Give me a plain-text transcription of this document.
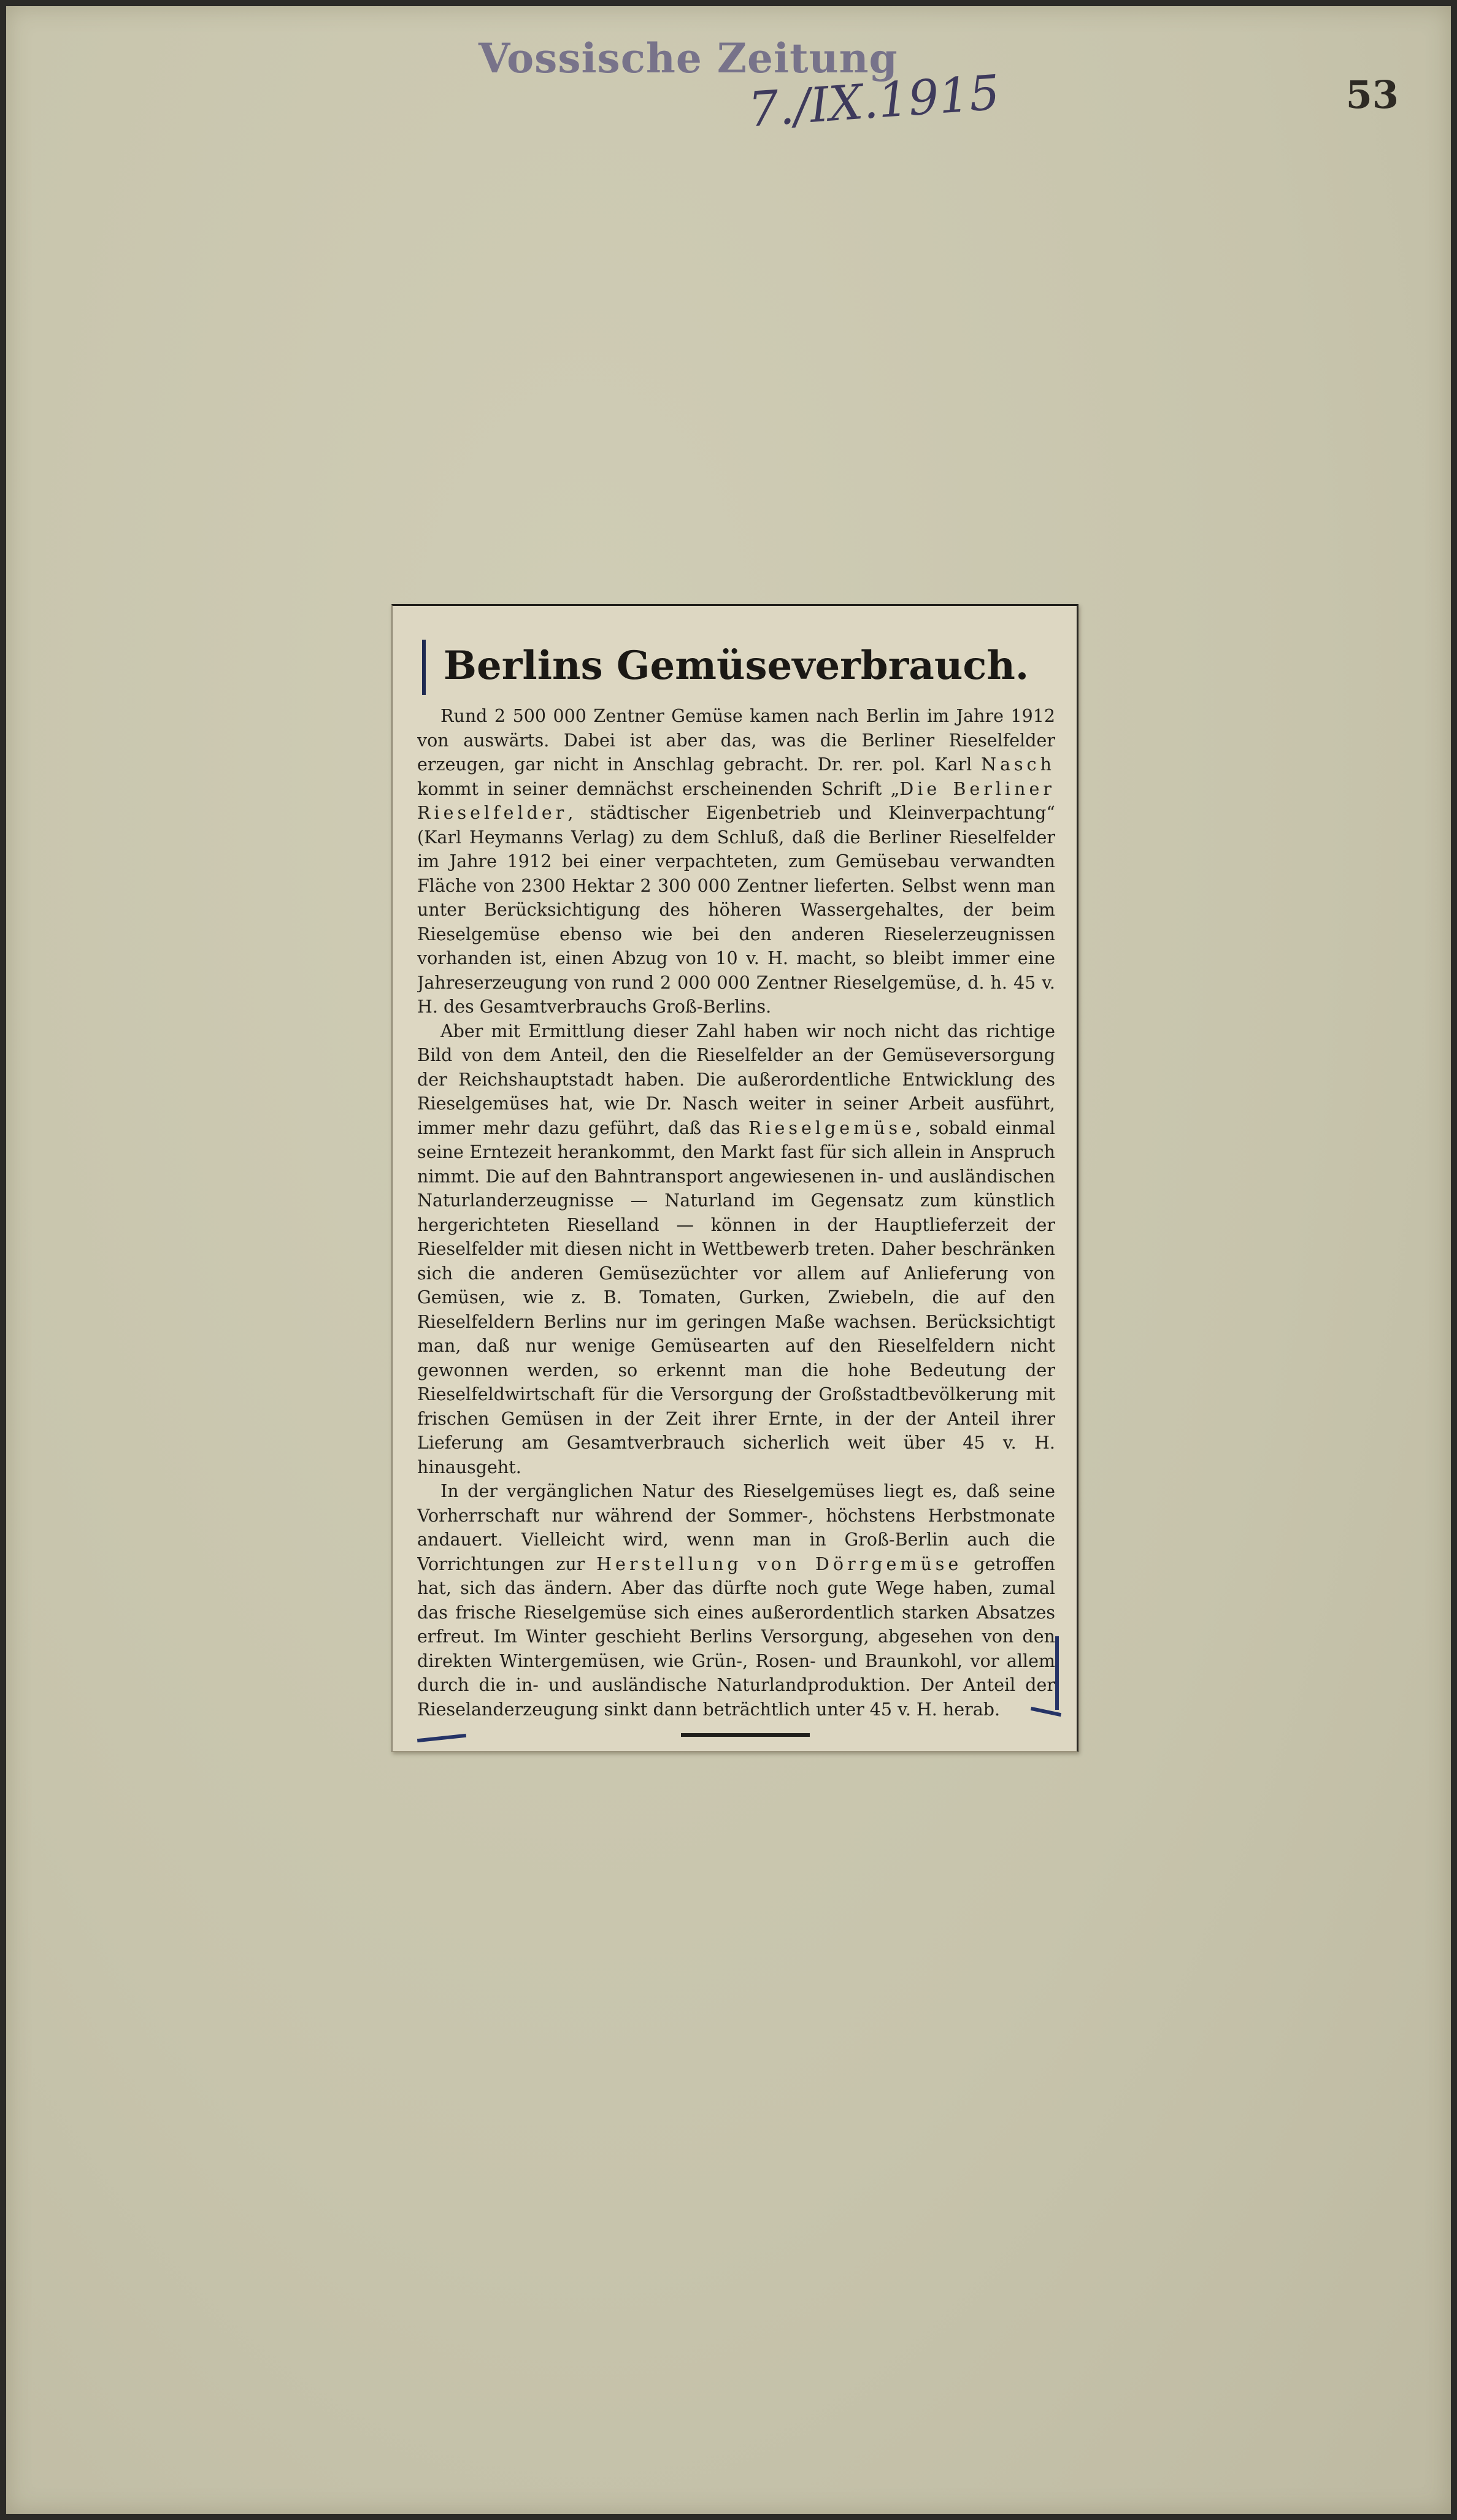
Vossische Zeitung
7./IX.1915	53
Berlins Gemüseverbrauch.

Rund 2 500 000 Zentner Gemüse kamen nach Berlin im Jahre 1912 von auswärts. Dabei ist aber das, was die Berliner Rieselfelder erzeugen, gar nicht in Anschlag gebracht. Dr. rer. pol. Karl Nasch kommt in seiner demnächst erscheinenden Schrift „Die Berliner Rieselfelder, städtischer Eigenbetrieb und Kleinverpachtung“ (Karl Heymanns Verlag) zu dem Schluß, daß die Berliner Rieselfelder im Jahre 1912 bei einer verpachteten, zum Gemüsebau verwandten Fläche von 2300 Hektar 2 300 000 Zentner lieferten. Selbst wenn man unter Berücksichtigung des höheren Wassergehaltes, der beim Rieselgemüse ebenso wie bei den anderen Rieselerzeugnissen vorhanden ist, einen Abzug von 10 v. H. macht, so bleibt immer eine Jahreserzeugung von rund 2 000 000 Zentner Rieselgemüse, d. h. 45 v. H. des Gesamtverbrauchs Groß-Berlins.

Aber mit Ermittlung dieser Zahl haben wir noch nicht das richtige Bild von dem Anteil, den die Rieselfelder an der Gemüseversorgung der Reichshauptstadt haben. Die außerordentliche Entwicklung des Rieselgemüses hat, wie Dr. Nasch weiter in seiner Arbeit ausführt, immer mehr dazu geführt, daß das Rieselgemüse, sobald einmal seine Erntezeit herankommt, den Markt fast für sich allein in Anspruch nimmt. Die auf den Bahntransport angewiesenen in- und ausländischen Naturlanderzeugnisse — Naturland im Gegensatz zum künstlich hergerichteten Rieselland — können in der Hauptlieferzeit der Rieselfelder mit diesen nicht in Wettbewerb treten. Daher beschränken sich die anderen Gemüsezüchter vor allem auf Anlieferung von Gemüsen, wie z. B. Tomaten, Gurken, Zwiebeln, die auf den Rieselfeldern Berlins nur im geringen Maße wachsen. Berücksichtigt man, daß nur wenige Gemüsearten auf den Rieselfeldern nicht gewonnen werden, so erkennt man die hohe Bedeutung der Rieselfeldwirtschaft für die Versorgung der Großstadtbevölkerung mit frischen Gemüsen in der Zeit ihrer Ernte, in der der Anteil ihrer Lieferung am Gesamtverbrauch sicherlich weit über 45 v. H. hinausgeht.

In der vergänglichen Natur des Rieselgemüses liegt es, daß seine Vorherrschaft nur während der Sommer-, höchstens Herbstmonate andauert. Vielleicht wird, wenn man in Groß-Berlin auch die Vorrichtungen zur Herstellung von Dörrgemüse getroffen hat, sich das ändern. Aber das dürfte noch gute Wege haben, zumal das frische Rieselgemüse sich eines außerordentlich starken Absatzes erfreut. Im Winter geschieht Berlins Versorgung, abgesehen von den direkten Wintergemüsen, wie Grün-, Rosen- und Braunkohl, vor allem durch die in- und ausländische Naturlandproduktion. Der Anteil der Rieselanderzeugung sinkt dann beträchtlich unter 45 v. H. herab.
